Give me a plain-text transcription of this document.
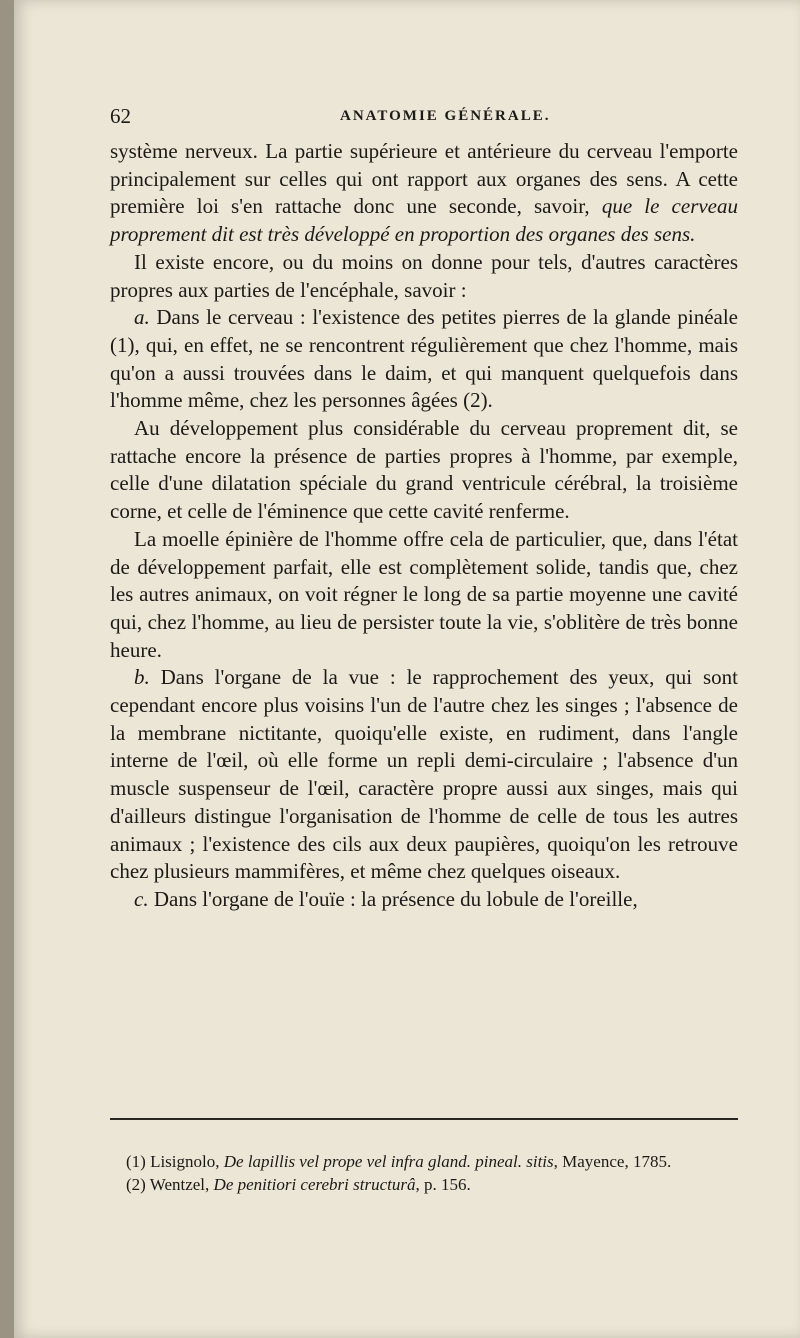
62	ANATOMIE GÉNÉRALE.

système nerveux. La partie supérieure et antérieure du cerveau l'emporte principalement sur celles qui ont rapport aux organes des sens. A cette première loi s'en rattache donc une seconde, savoir, que le cerveau proprement dit est très développé en proportion des organes des sens.

Il existe encore, ou du moins on donne pour tels, d'autres caractères propres aux parties de l'encéphale, savoir :

a. Dans le cerveau : l'existence des petites pierres de la glande pinéale (1), qui, en effet, ne se rencontrent régulièrement que chez l'homme, mais qu'on a aussi trouvées dans le daim, et qui manquent quelquefois dans l'homme même, chez les personnes âgées (2).

Au développement plus considérable du cerveau proprement dit, se rattache encore la présence de parties propres à l'homme, par exemple, celle d'une dilatation spéciale du grand ventricule cérébral, la troisième corne, et celle de l'éminence que cette cavité renferme.

La moelle épinière de l'homme offre cela de particulier, que, dans l'état de développement parfait, elle est complètement solide, tandis que, chez les autres animaux, on voit régner le long de sa partie moyenne une cavité qui, chez l'homme, au lieu de persister toute la vie, s'oblitère de très bonne heure.

b. Dans l'organe de la vue : le rapprochement des yeux, qui sont cependant encore plus voisins l'un de l'autre chez les singes ; l'absence de la membrane nictitante, quoiqu'elle existe, en rudiment, dans l'angle interne de l'œil, où elle forme un repli demi-circulaire ; l'absence d'un muscle suspenseur de l'œil, caractère propre aussi aux singes, mais qui d'ailleurs distingue l'organisation de l'homme de celle de tous les autres animaux ; l'existence des cils aux deux paupières, quoiqu'on les retrouve chez plusieurs mammifères, et même chez quelques oiseaux.

c. Dans l'organe de l'ouïe : la présence du lobule de l'oreille,

(1) Lisignolo, De lapillis vel prope vel infra gland. pineal. sitis, Mayence, 1785.

(2) Wentzel, De penitiori cerebri structurâ, p. 156.
